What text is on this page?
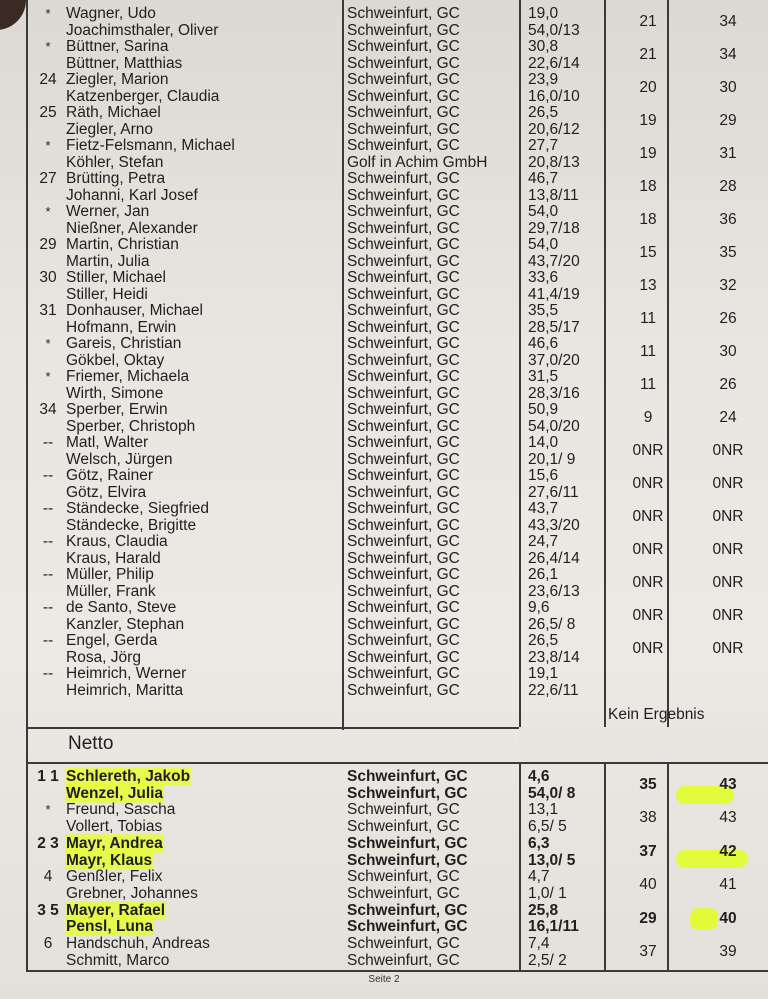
* Wagner, Udo	Schweinfurt, GC	19,0	21	34
Joachimsthaler, Oliver	Schweinfurt, GC	54,0/13
* Büttner, Sarina	Schweinfurt, GC	30,8	21	34
Büttner, Matthias	Schweinfurt, GC	22,6/14
24 Ziegler, Marion	Schweinfurt, GC	23,9	20	30
Katzenberger, Claudia	Schweinfurt, GC	16,0/10
25 Räth, Michael	Schweinfurt, GC	26,5	19	29
Ziegler, Arno	Schweinfurt, GC	20,6/12
* Fietz-Felsmann, Michael	Schweinfurt, GC	27,7	19	31
Köhler, Stefan	Golf in Achim GmbH	20,8/13
27 Brütting, Petra	Schweinfurt, GC	46,7	18	28
Johanni, Karl Josef	Schweinfurt, GC	13,8/11
* Werner, Jan	Schweinfurt, GC	54,0	18	36
Nießner, Alexander	Schweinfurt, GC	29,7/18
29 Martin, Christian	Schweinfurt, GC	54,0	15	35
Martin, Julia	Schweinfurt, GC	43,7/20
30 Stiller, Michael	Schweinfurt, GC	33,6	13	32
Stiller, Heidi	Schweinfurt, GC	41,4/19
31 Donhauser, Michael	Schweinfurt, GC	35,5	11	26
Hofmann, Erwin	Schweinfurt, GC	28,5/17
* Gareis, Christian	Schweinfurt, GC	46,6	11	30
Gökbel, Oktay	Schweinfurt, GC	37,0/20
* Friemer, Michaela	Schweinfurt, GC	31,5	11	26
Wirth, Simone	Schweinfurt, GC	28,3/16
34 Sperber, Erwin	Schweinfurt, GC	50,9	9	24
Sperber, Christoph	Schweinfurt, GC	54,0/20
-- Matl, Walter	Schweinfurt, GC	14,0	0NR	0NR
Welsch, Jürgen	Schweinfurt, GC	20,1/ 9
-- Götz, Rainer	Schweinfurt, GC	15,6	0NR	0NR
Götz, Elvira	Schweinfurt, GC	27,6/11
-- Ständecke, Siegfried	Schweinfurt, GC	43,7	0NR	0NR
Ständecke, Brigitte	Schweinfurt, GC	43,3/20
-- Kraus, Claudia	Schweinfurt, GC	24,7	0NR	0NR
Kraus, Harald	Schweinfurt, GC	26,4/14
-- Müller, Philip	Schweinfurt, GC	26,1	0NR	0NR
Müller, Frank	Schweinfurt, GC	23,6/13
-- de Santo, Steve	Schweinfurt, GC	9,6	0NR	0NR
Kanzler, Stephan	Schweinfurt, GC	26,5/ 8
-- Engel, Gerda	Schweinfurt, GC	26,5	0NR	0NR
Rosa, Jörg	Schweinfurt, GC	23,8/14
-- Heimrich, Werner	Schweinfurt, GC	19,1
Heimrich, Maritta	Schweinfurt, GC	22,6/11
Kein Ergebnis
Netto
1 1 Schlereth, Jakob	Schweinfurt, GC	4,6	35	43
Wenzel, Julia	Schweinfurt, GC	54,0/ 8
* Freund, Sascha	Schweinfurt, GC	13,1	38	43
Vollert, Tobias	Schweinfurt, GC	6,5/ 5
2 3 Mayr, Andrea	Schweinfurt, GC	6,3	37	42
Mayr, Klaus	Schweinfurt, GC	13,0/ 5
4 Genßler, Felix	Schweinfurt, GC	4,7	40	41
Grebner, Johannes	Schweinfurt, GC	1,0/ 1
3 5 Mayer, Rafael	Schweinfurt, GC	25,8	29	40
Pensl, Luna	Schweinfurt, GC	16,1/11
6 Handschuh, Andreas	Schweinfurt, GC	7,4	37	39
Schmitt, Marco	Schweinfurt, GC	2,5/ 2
Seite 2
